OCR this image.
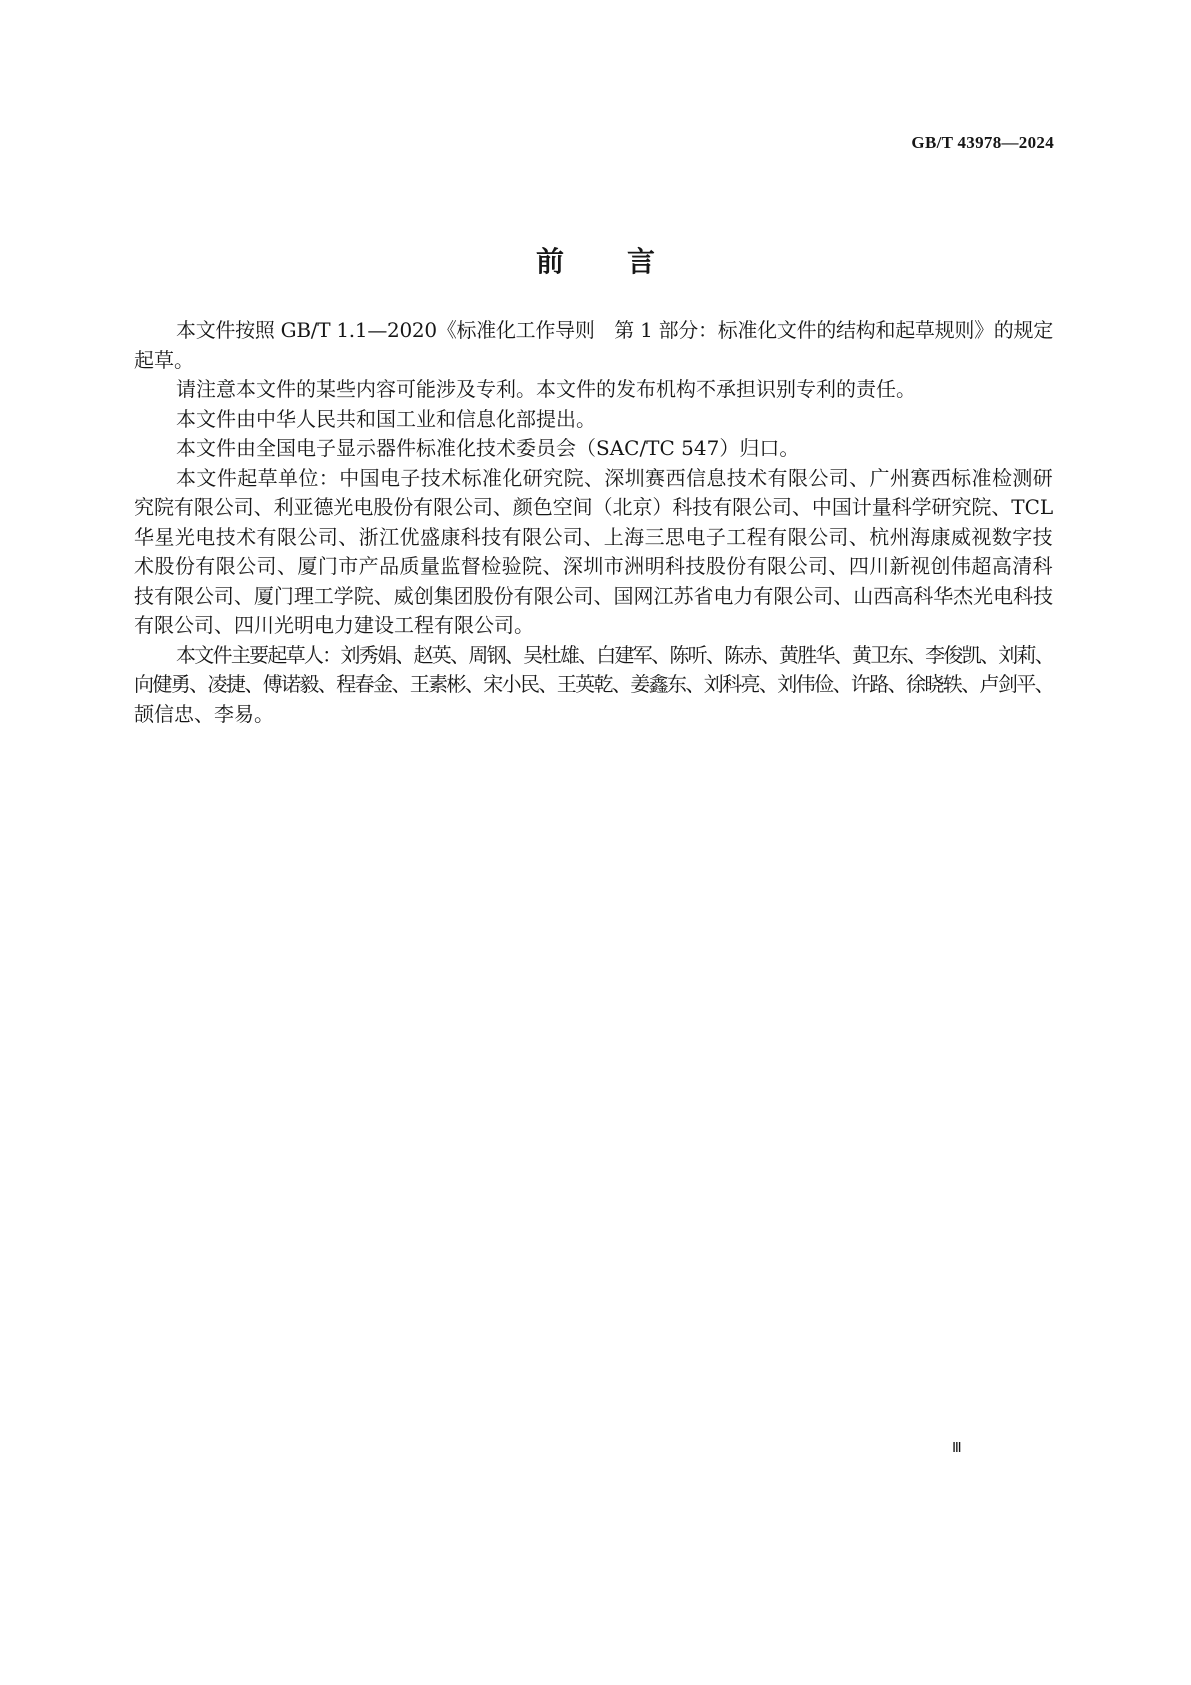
GB/T 43978—2024
前 言
本文件按照 GB/T 1.1—2020《标准化工作导则　第 1 部分：标准化文件的结构和起草规则》的规定
起草。
请注意本文件的某些内容可能涉及专利。本文件的发布机构不承担识别专利的责任。
本文件由中华人民共和国工业和信息化部提出。
本文件由全国电子显示器件标准化技术委员会（SAC/TC 547）归口。
本文件起草单位：中国电子技术标准化研究院、深圳赛西信息技术有限公司、广州赛西标准检测研
究院有限公司、利亚德光电股份有限公司、颜色空间（北京）科技有限公司、中国计量科学研究院、TCL
华星光电技术有限公司、浙江优盛康科技有限公司、上海三思电子工程有限公司、杭州海康威视数字技
术股份有限公司、厦门市产品质量监督检验院、深圳市洲明科技股份有限公司、四川新视创伟超高清科
技有限公司、厦门理工学院、威创集团股份有限公司、国网江苏省电力有限公司、山西高科华杰光电科技
有限公司、四川光明电力建设工程有限公司。
本文件主要起草人：刘秀娟、赵英、周钢、吴杜雄、白建军、陈听、陈赤、黄胜华、黄卫东、李俊凯、刘莉、
向健勇、凌捷、傅诺毅、程春金、王素彬、宋小民、王英乾、姜鑫东、刘科亮、刘伟俭、许路、徐晓轶、卢剑平、
颉信忠、李易。
Ⅲ
